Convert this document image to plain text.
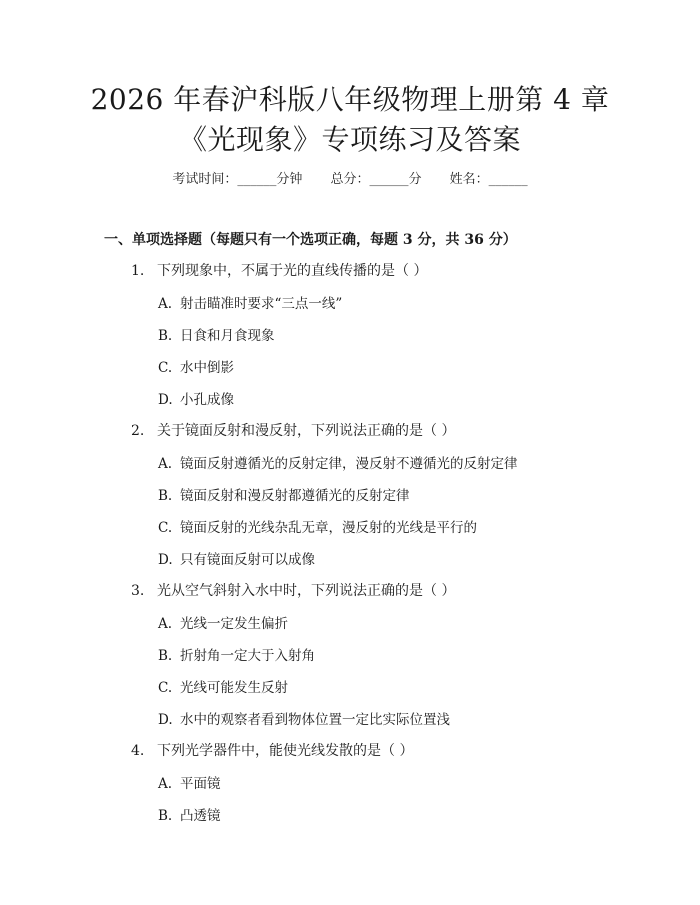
2026 年春沪科版八年级物理上册第 4 章《光现象》专项练习及答案
考试时间：______分钟 总分：______分 姓名：______
一、单项选择题（每题只有一个选项正确，每题 3 分，共 36 分）
1. 下列现象中，不属于光的直线传播的是（ ）
A. 射击瞄准时要求“三点一线”
B. 日食和月食现象
C. 水中倒影
D. 小孔成像
2. 关于镜面反射和漫反射，下列说法正确的是（ ）
A. 镜面反射遵循光的反射定律，漫反射不遵循光的反射定律
B. 镜面反射和漫反射都遵循光的反射定律
C. 镜面反射的光线杂乱无章，漫反射的光线是平行的
D. 只有镜面反射可以成像
3. 光从空气斜射入水中时，下列说法正确的是（ ）
A. 光线一定发生偏折
B. 折射角一定大于入射角
C. 光线可能发生反射
D. 水中的观察者看到物体位置一定比实际位置浅
4. 下列光学器件中，能使光线发散的是（ ）
A. 平面镜
B. 凸透镜
